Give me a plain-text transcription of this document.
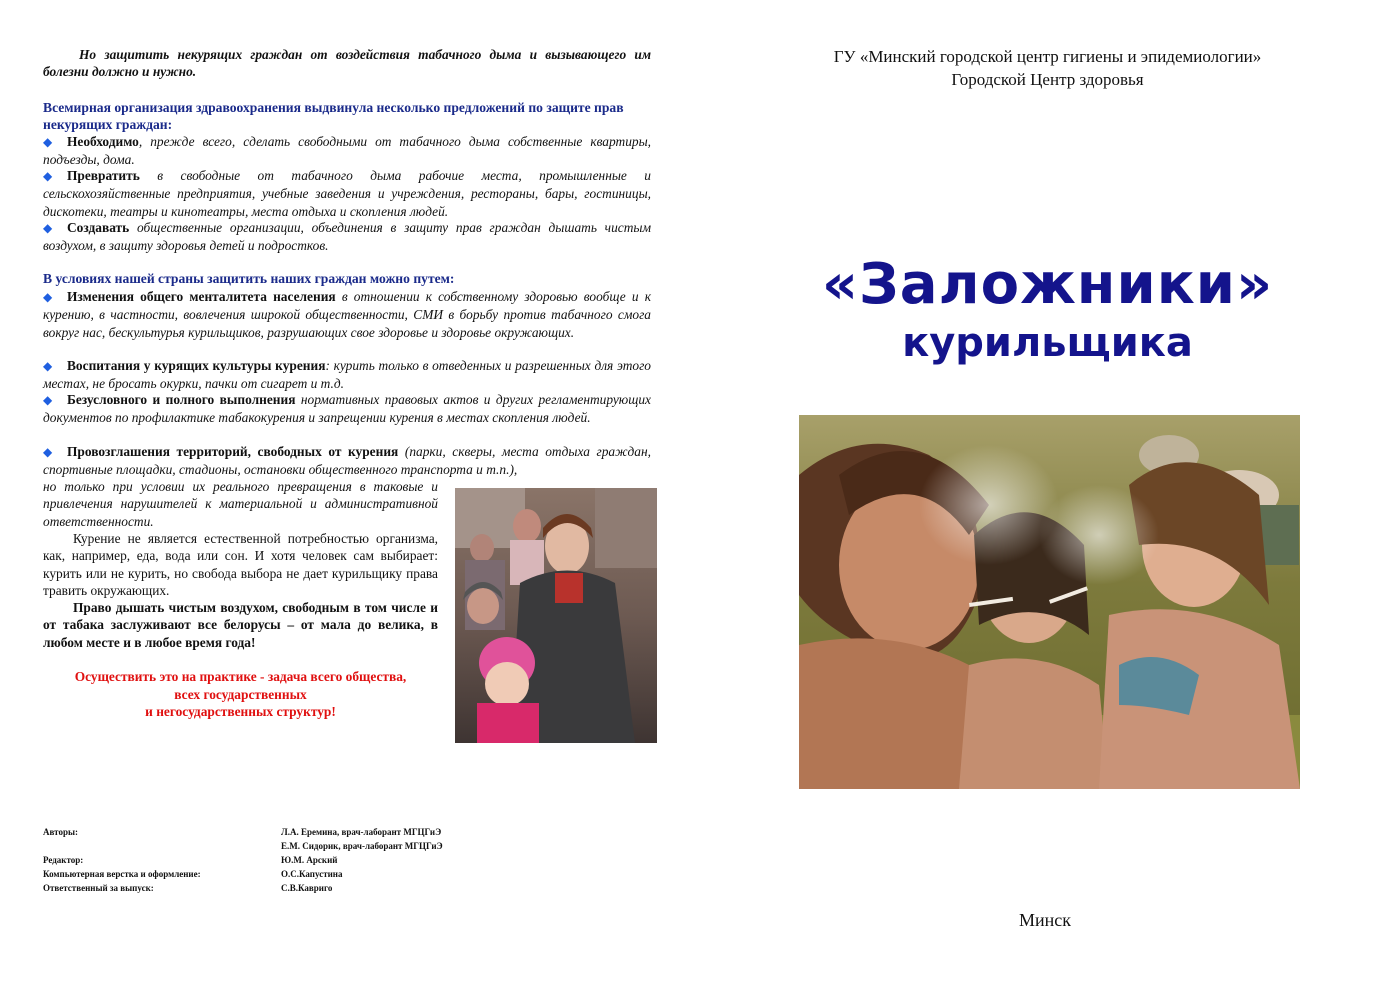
Но защитить некурящих граждан от воздействия табачного дыма и вызывающего им болезни должно и нужно.
Всемирная организация здравоохранения выдвинула несколько предложений по защите прав некурящих граждан:
◆ Необходимо, прежде всего, сделать свободными от табачного дыма собственные квартиры, подъезды, дома.
◆ Превратить в свободные от табачного дыма рабочие места, промышленные и сельскохозяйственные предприятия, учебные заведения и учреждения, рестораны, бары, гостиницы, дискотеки, театры и кинотеатры, места отдыха и скопления людей.
◆ Создавать общественные организации, объединения в защиту прав граждан дышать чистым воздухом, в защиту здоровья детей и подростков.
В условиях нашей страны защитить наших граждан можно путем:
◆ Изменения общего менталитета населения в отношении к собственному здоровью вообще и к курению, в частности, вовлечения широкой общественности, СМИ в борьбу против табачного смога вокруг нас, бескультурья курильщиков, разрушающих свое здоровье и здоровье окружающих.
◆ Воспитания у курящих культуры курения: курить только в отведенных и разрешенных для этого местах, не бросать окурки, пачки от сигарет и т.д.
◆ Безусловного и полного выполнения нормативных правовых актов и других регламентирующих документов по профилактике табакокурения и запрещении курения в местах скопления людей.
◆ Провозглашения территорий, свободных от курения (парки, скверы, места отдыха граждан, спортивные площадки, стадионы, остановки общественного транспорта и т.п.),
но только при условии их реального превращения в таковые и привлечения нарушителей к материальной и административной ответственности.
Курение не является естественной потребностью организма, как, например, еда, вода или сон. И хотя человек сам выбирает: курить или не курить, но свобода выбора не дает курильщику права травить окружающих.
Право дышать чистым воздухом, свободным в том числе и от табака заслуживают все белорусы – от мала до велика, в любом месте и в любое время года!
Осуществить это на практике - задача всего общества,
всех государственных
и негосударственных структур!
Авторы:	Л.А. Еремина, врач-лаборант МГЦГиЭ
Е.М. Сидорик, врач-лаборант МГЦГиЭ
Редактор:	Ю.М. Арский
Компьютерная верстка и оформление:	О.С.Капустина
Ответственный за выпуск:	С.В.Кавриго
ГУ «Минский городской центр гигиены и эпидемиологии»
Городской Центр здоровья
«Заложники»
курильщика
Минск
